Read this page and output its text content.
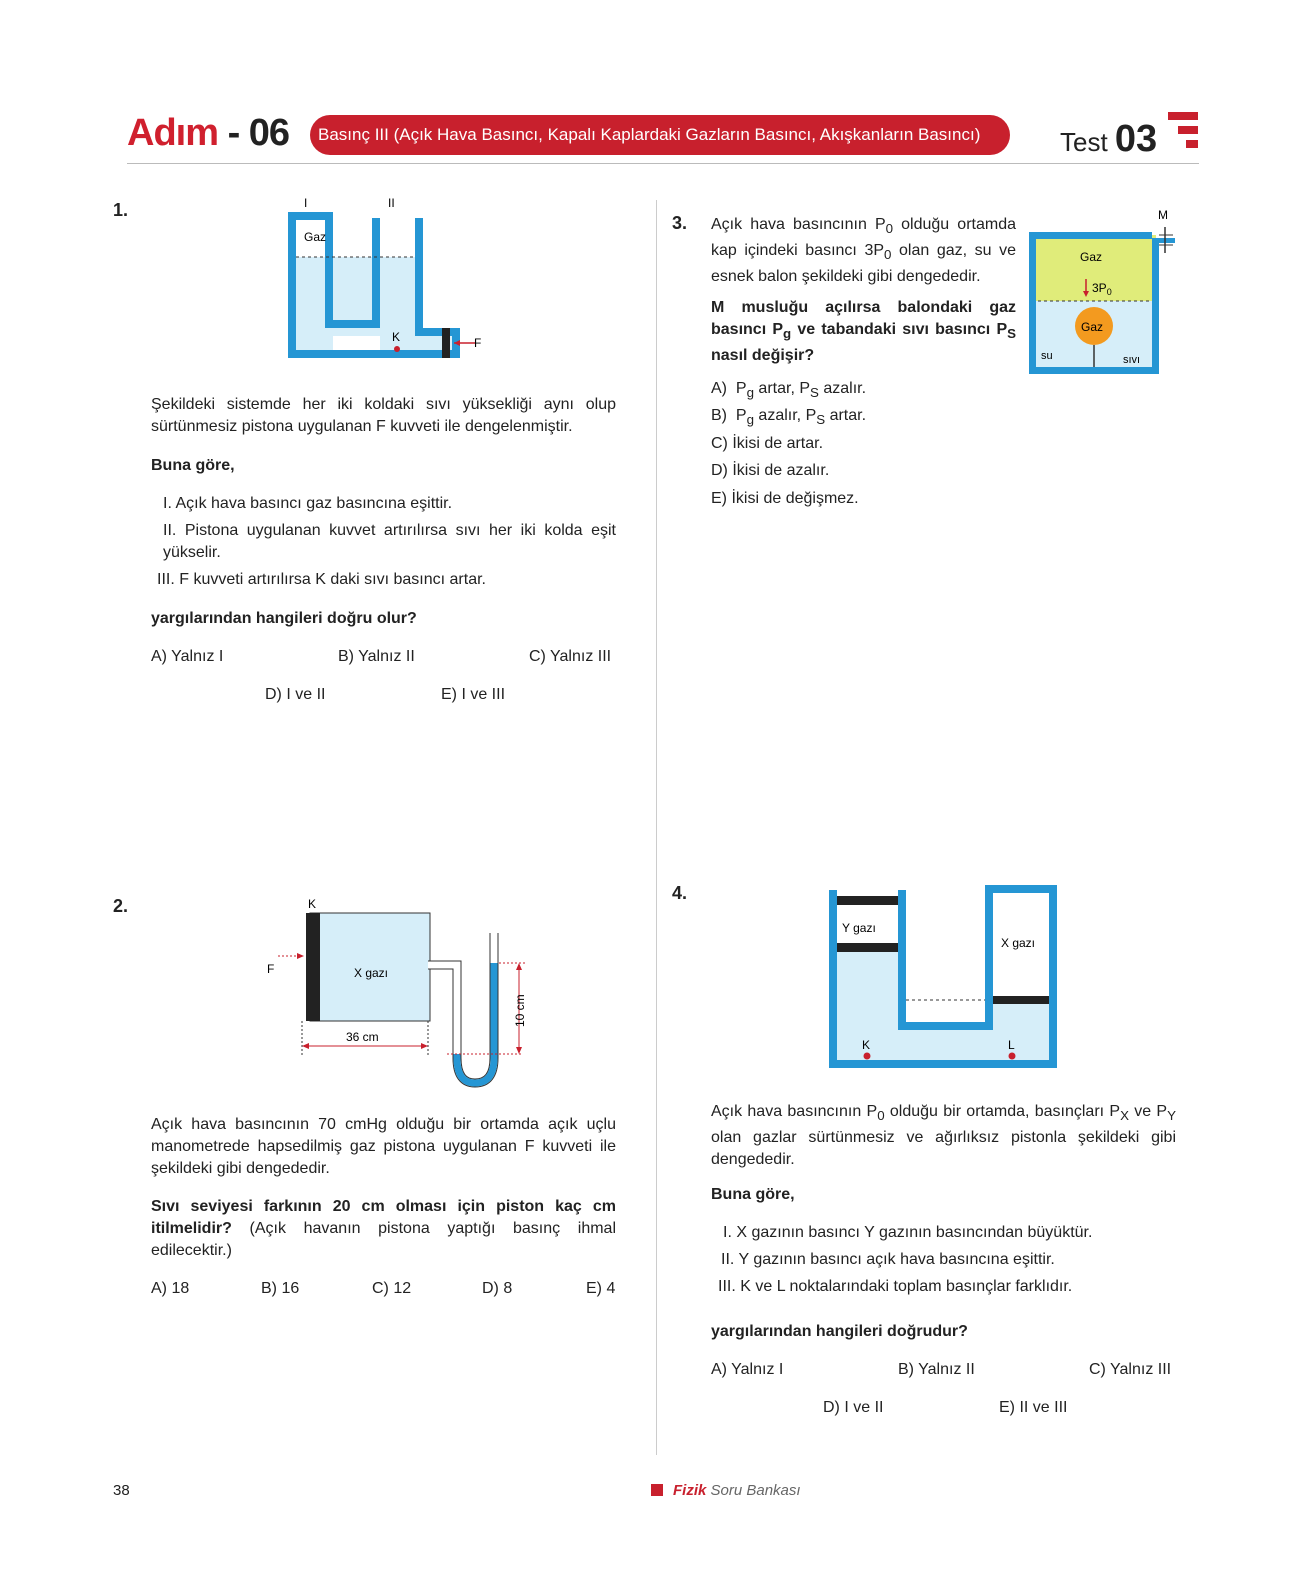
Adım - 06	Basınç III (Açık Hava Basıncı, Kapalı Kaplardaki Gazların Basıncı, Akışkanların Basıncı)	Test 03
1.
Gaz
I	II
K	F
Şekildeki sistemde her iki koldaki sıvı yüksekliği aynı olup sürtünmesiz pistona uygulanan F kuvveti ile dengelenmiştir.
Buna göre,
I. Açık hava basıncı gaz basıncına eşittir.
II. Pistona uygulanan kuvvet artırılırsa sıvı her iki kolda eşit yükselir.
III. F kuvveti artırılırsa K daki sıvı basıncı artar.
yargılarından hangileri doğru olur?
A) Yalnız I	B) Yalnız II	C) Yalnız III
D) I ve II	E) I ve III
2.	K
F	X gazı
36 cm
10 cm
Açık hava basıncının 70 cmHg olduğu bir ortamda açık uçlu manometrede hapsedilmiş gaz pistona uygulanan F kuvveti ile şekildeki gibi dengededir.
Sıvı seviyesi farkının 20 cm olması için piston kaç cm itilmelidir? (Açık havanın pistona yaptığı basınç ihmal edilecektir.)
A) 18	B) 16	C) 12	D) 8	E) 4
3. Açık hava basıncının $P_0$ olduğu ortamda kap içindeki basıncı $3P_0$ olan gaz, su ve esnek balon şekildeki gibi dengededir.
M musluğu açılırsa balondaki gaz basıncı $P_g$ ve tabandaki sıvı basıncı $P_S$ nasıl değişir?
M
Gaz
$3P_0$
Gaz
su	sıvı
A) $P_g$ artar, $P_S$ azalır.
B) $P_g$ azalır, $P_S$ artar.
C) İkisi de artar.
D) İkisi de azalır.
E) İkisi de değişmez.
4.
Y gazı
X gazı
K	L
Açık hava basıncının $P_0$ olduğu bir ortamda, basınçları $P_X$ ve $P_Y$ olan gazlar sürtünmesiz ve ağırlıksız pistonla şekildeki gibi dengededir.
Buna göre,
I. X gazının basıncı Y gazının basıncından büyüktür.
II. Y gazının basıncı açık hava basıncına eşittir.
III. K ve L noktalarındaki toplam basınçlar farklıdır.
yargılarından hangileri doğrudur?
A) Yalnız I	B) Yalnız II	C) Yalnız III
D) I ve II	E) II ve III
38	Fizik Soru Bankası
